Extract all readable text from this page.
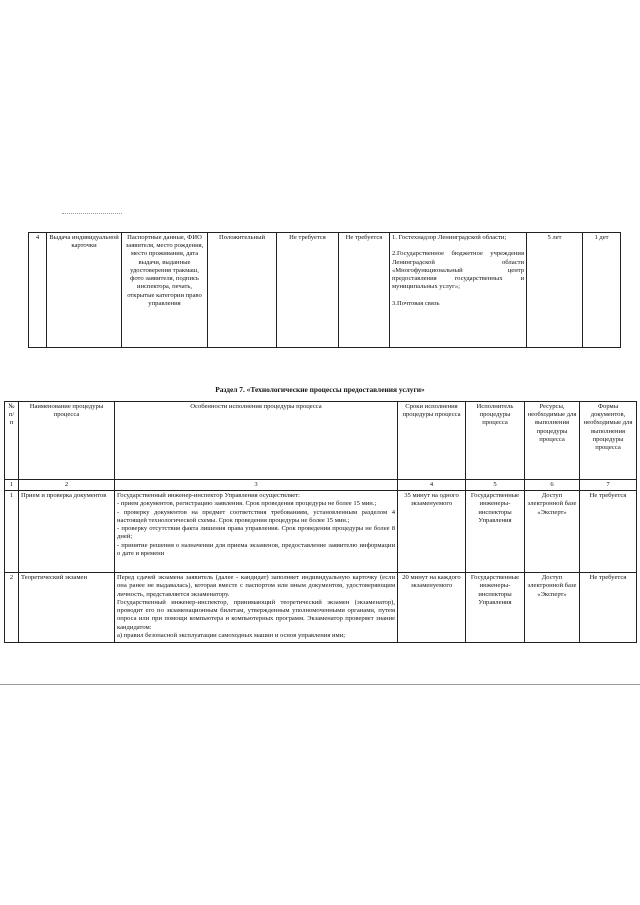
4	Выдача индивидуальной карточки	Паспортные данные, ФИО заявителя, место рождения, место проживания, дата выдачи, выданные удостоверения тракмаш, фото заявителя, подпись инспектора, печать, открытые категории право управления	Положительный	Не требуется	Не требуется	1. Гостехнадзор Ленинградской области;

2.Государственное бюджетное учреждения Ленинградской области «Многофункциональный центр предоставления государственных и муниципальных услуг»;

3.Почтовая связь	5 лет	1 дет
Раздел 7. «Технологические процессы предоставления услуги»
№ п/ п	Наименование процедуры процесса	Особенности исполнения процедуры процесса	Сроки исполнения процедуры процесса	Исполнитель процедуры процесса	Ресурсы, необходимые для выполнения процедуры процесса	Формы документов, необходимые для выполнения процедуры процесса
1	2	3	4	5	6	7
1	Прием и проверка документов	Государственный инженер-инспектор Управления осуществляет:
- прием документов, регистрацию заявления. Срок проведения процедуры не более 15 мин.;
- проверку документов на предмет соответствия требованиям, установленным разделом 4 настоящей технологической схемы. Срок проведения процедуры не более 15 мин.;
- проверку отсутствия факта лишения права управления. Срок проведения процедуры не более 8 дней;
- принятие решения о назначении для приема экзаменов, предоставление заявителю информации о дате и времени	35 минут на одного экзаменуемого	Государственные инженеры-инспекторы Управления	Доступ электронной базе «Эксперт»	Не требуется
2	Теоретический экзамен	Перед сдачей экзамена заявитель (далее - кандидат) заполняет индивидуальную карточку (если она ранее не выдавалась), которая вместе с паспортом или иным документом, удостоверяющим личность, представляется экзаменатору.
Государственный инженер-инспектор, принимающий теоретический экзамен (экзаменатор), проводит его по экзаменационным билетам, утвержденным уполномоченными органами, путем опроса или при помощи компьютера и компьютерных программ. Экзаменатор проверяет знание кандидатом:
а) правил безопасной эксплуатации самоходных машин и основ управления ими;	20 минут на каждого экзаменуемого	Государственные инженеры-инспекторы Управления	Доступ электронной базе «Эксперт»	Не требуется
